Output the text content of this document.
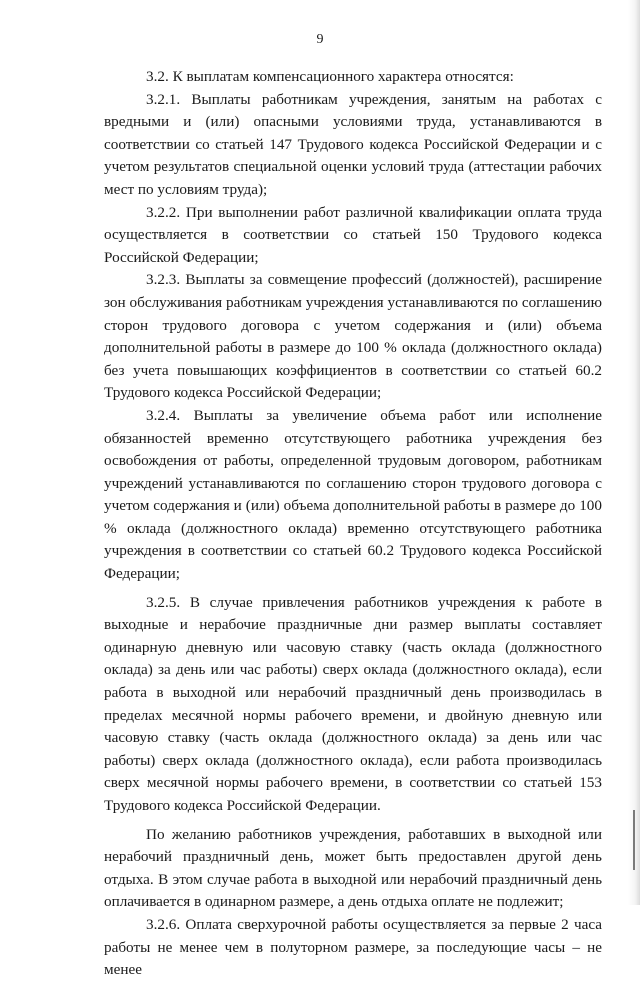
9

3.2. К выплатам компенсационного характера относятся:

3.2.1. Выплаты работникам учреждения, занятым на работах с вредными и (или) опасными условиями труда, устанавливаются в соответствии со статьей 147 Трудового кодекса Российской Федерации и с учетом результатов специальной оценки условий труда (аттестации рабочих мест по условиям труда);

3.2.2. При выполнении работ различной квалификации оплата труда осуществляется в соответствии со статьей 150 Трудового кодекса Российской Федерации;

3.2.3. Выплаты за совмещение профессий (должностей), расширение зон обслуживания работникам учреждения устанавливаются по соглашению сторон трудового договора с учетом содержания и (или) объема дополнительной работы в размере до 100 % оклада (должностного оклада) без учета повышающих коэффициентов в соответствии со статьей 60.2 Трудового кодекса Российской Федерации;

3.2.4. Выплаты за увеличение объема работ или исполнение обязанностей временно отсутствующего работника учреждения без освобождения от работы, определенной трудовым договором, работникам учреждений устанавливаются по соглашению сторон трудового договора с учетом содержания и (или) объема дополнительной работы в размере до 100 % оклада (должностного оклада) временно отсутствующего работника учреждения в соответствии со статьей 60.2 Трудового кодекса Российской Федерации;

3.2.5. В случае привлечения работников учреждения к работе в выходные и нерабочие праздничные дни размер выплаты составляет одинарную дневную или часовую ставку (часть оклада (должностного оклада) за день или час работы) сверх оклада (должностного оклада), если работа в выходной или нерабочий праздничный день производилась в пределах месячной нормы рабочего времени, и двойную дневную или часовую ставку (часть оклада (должностного оклада) за день или час работы) сверх оклада (должностного оклада), если работа производилась сверх месячной нормы рабочего времени, в соответствии со статьей 153 Трудового кодекса Российской Федерации.

По желанию работников учреждения, работавших в выходной или нерабочий праздничный день, может быть предоставлен другой день отдыха. В этом случае работа в выходной или нерабочий праздничный день оплачивается в одинарном размере, а день отдыха оплате не подлежит;

3.2.6. Оплата сверхурочной работы осуществляется за первые 2 часа работы не менее чем в полуторном размере, за последующие часы – не менее
